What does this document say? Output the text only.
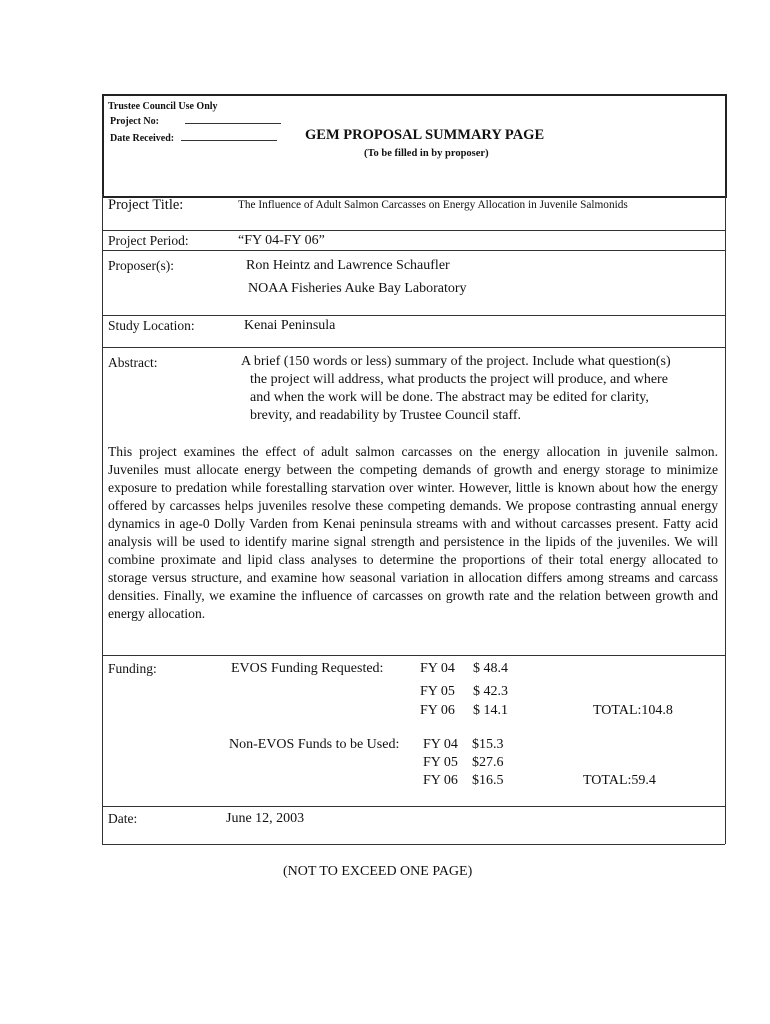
Trustee Council Use Only
Project No:
Date Received:	GEM PROPOSAL SUMMARY PAGE
(To be filled in by proposer)
Project Title:	The Influence of Adult Salmon Carcasses on Energy Allocation in Juvenile Salmonids
Project Period:	“FY 04-FY 06”
Proposer(s):	Ron Heintz and Lawrence Schaufler
NOAA Fisheries Auke Bay Laboratory
Study Location:	Kenai Peninsula
Abstract:	A brief (150 words or less) summary of the project. Include what question(s)
the project will address, what products the project will produce, and where
and when the work will be done. The abstract may be edited for clarity,
brevity, and readability by Trustee Council staff.
This project examines the effect of adult salmon carcasses on the energy allocation in juvenile salmon. Juveniles must allocate energy between the competing demands of growth and energy storage to minimize exposure to predation while forestalling starvation over winter. However, little is known about how the energy offered by carcasses helps juveniles resolve these competing demands. We propose contrasting annual energy dynamics in age-0 Dolly Varden from Kenai peninsula streams with and without carcasses present. Fatty acid analysis will be used to identify marine signal strength and persistence in the lipids of the juveniles. We will combine proximate and lipid class analyses to determine the proportions of their total energy allocated to storage versus structure, and examine how seasonal variation in allocation differs among streams and carcass densities. Finally, we examine the influence of carcasses on growth rate and the relation between growth and energy allocation.
Funding:	EVOS Funding Requested:	FY 04 $ 48.4
FY 05 $ 42.3
FY 06 $ 14.1	TOTAL:104.8
Non-EVOS Funds to be Used: FY 04 $15.3
FY 05 $27.6
FY 06 $16.5	TOTAL:59.4
Date:	June 12, 2003
(NOT TO EXCEED ONE PAGE)
